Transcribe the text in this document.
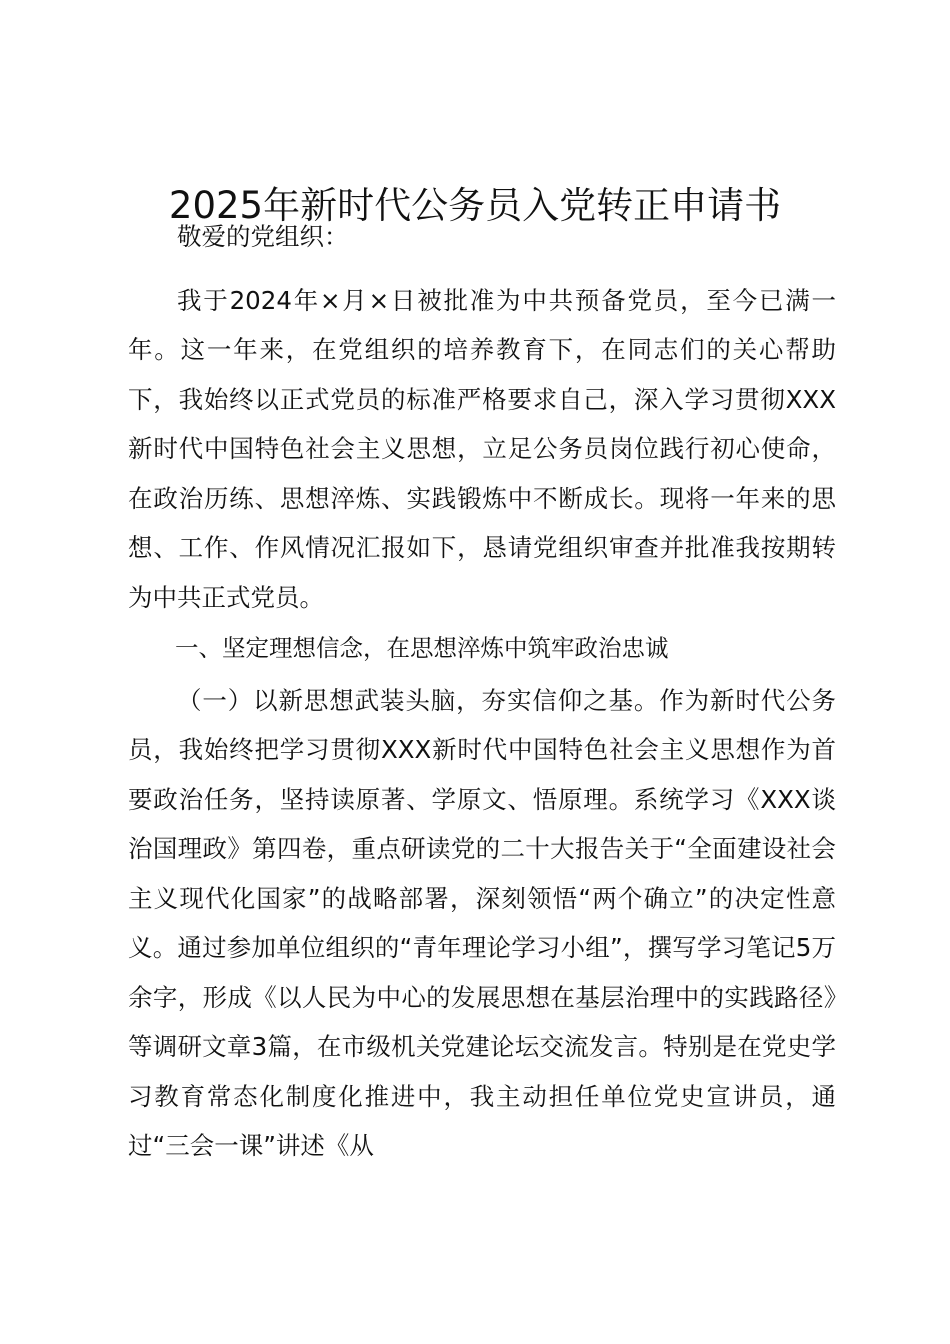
2025年新时代公务员入党转正申请书

敬爱的党组织：

我于2024年×月×日被批准为中共预备党员，至今已满一年。这一年来，在党组织的培养教育下，在同志们的关心帮助下，我始终以正式党员的标准严格要求自己，深入学习贯彻XXX新时代中国特色社会主义思想，立足公务员岗位践行初心使命，在政治历练、思想淬炼、实践锻炼中不断成长。现将一年来的思想、工作、作风情况汇报如下，恳请党组织审查并批准我按期转为中共正式党员。

一、坚定理想信念，在思想淬炼中筑牢政治忠诚

（一）以新思想武装头脑，夯实信仰之基。作为新时代公务员，我始终把学习贯彻XXX新时代中国特色社会主义思想作为首要政治任务，坚持读原著、学原文、悟原理。系统学习《XXX谈治国理政》第四卷，重点研读党的二十大报告关于“全面建设社会主义现代化国家”的战略部署，深刻领悟“两个确立”的决定性意义。通过参加单位组织的“青年理论学习小组”，撰写学习笔记5万余字，形成《以人民为中心的发展思想在基层治理中的实践路径》等调研文章3篇，在市级机关党建论坛交流发言。特别是在党史学习教育常态化制度化推进中，我主动担任单位党史宣讲员，通过“三会一课”讲述《从
